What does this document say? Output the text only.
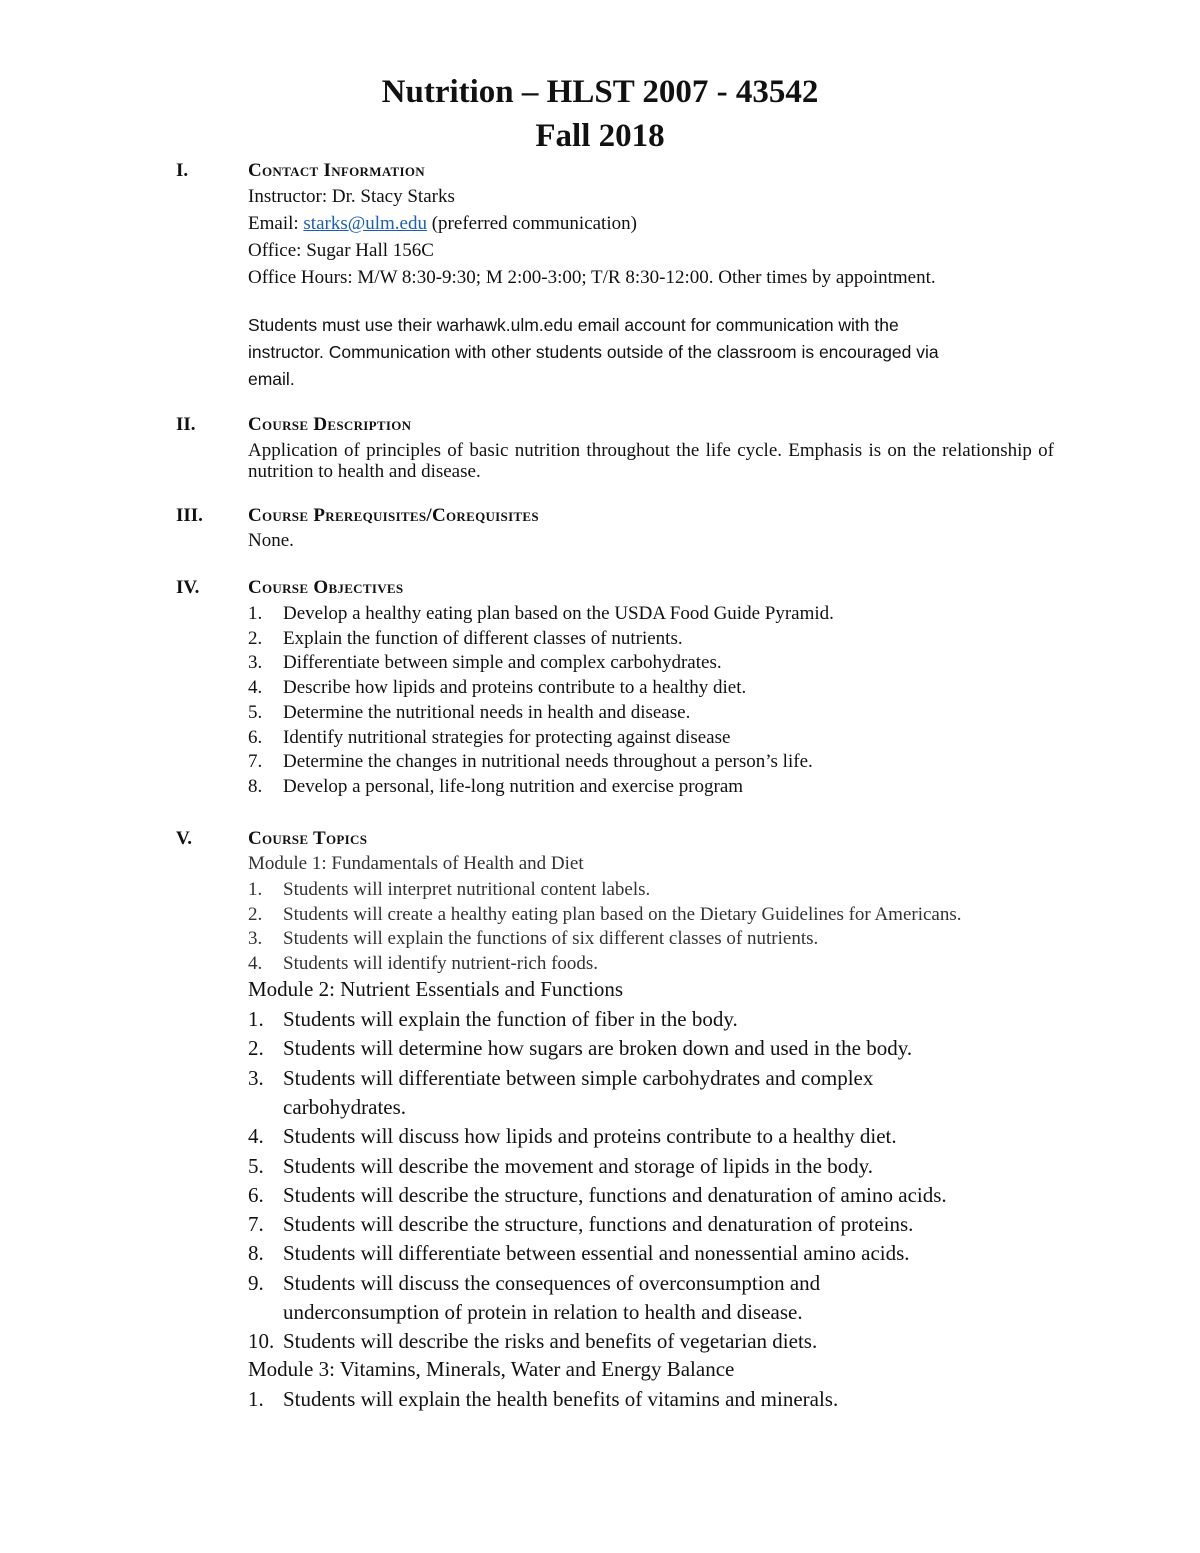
Nutrition – HLST 2007 - 43542
Fall 2018
I.	Contact Information
Instructor: Dr. Stacy Starks
Email: starks@ulm.edu (preferred communication)
Office: Sugar Hall 156C
Office Hours: M/W 8:30-9:30; M 2:00-3:00; T/R 8:30-12:00. Other times by appointment.
Students must use their warhawk.ulm.edu email account for communication with the
instructor. Communication with other students outside of the classroom is encouraged via
email.
II.	Course Description
Application of principles of basic nutrition throughout the life cycle. Emphasis is on the relationship of nutrition to health and disease.
III. Course Prerequisites/Corequisites
None.
IV.	Course Objectives
1. Develop a healthy eating plan based on the USDA Food Guide Pyramid.
2. Explain the function of different classes of nutrients.
3. Differentiate between simple and complex carbohydrates.
4. Describe how lipids and proteins contribute to a healthy diet.
5. Determine the nutritional needs in health and disease.
6. Identify nutritional strategies for protecting against disease
7. Determine the changes in nutritional needs throughout a person’s life.
8. Develop a personal, life-long nutrition and exercise program
V.	Course Topics
Module 1: Fundamentals of Health and Diet
1. Students will interpret nutritional content labels.
2. Students will create a healthy eating plan based on the Dietary Guidelines for Americans.
3. Students will explain the functions of six different classes of nutrients.
4. Students will identify nutrient-rich foods.
Module 2: Nutrient Essentials and Functions
1. Students will explain the function of fiber in the body.
2. Students will determine how sugars are broken down and used in the body.
3. Students will differentiate between simple carbohydrates and complex
carbohydrates.
4. Students will discuss how lipids and proteins contribute to a healthy diet.
5. Students will describe the movement and storage of lipids in the body.
6. Students will describe the structure, functions and denaturation of amino acids.
7. Students will describe the structure, functions and denaturation of proteins.
8. Students will differentiate between essential and nonessential amino acids.
9. Students will discuss the consequences of overconsumption and
underconsumption of protein in relation to health and disease.
10. Students will describe the risks and benefits of vegetarian diets.
Module 3: Vitamins, Minerals, Water and Energy Balance
1. Students will explain the health benefits of vitamins and minerals.
